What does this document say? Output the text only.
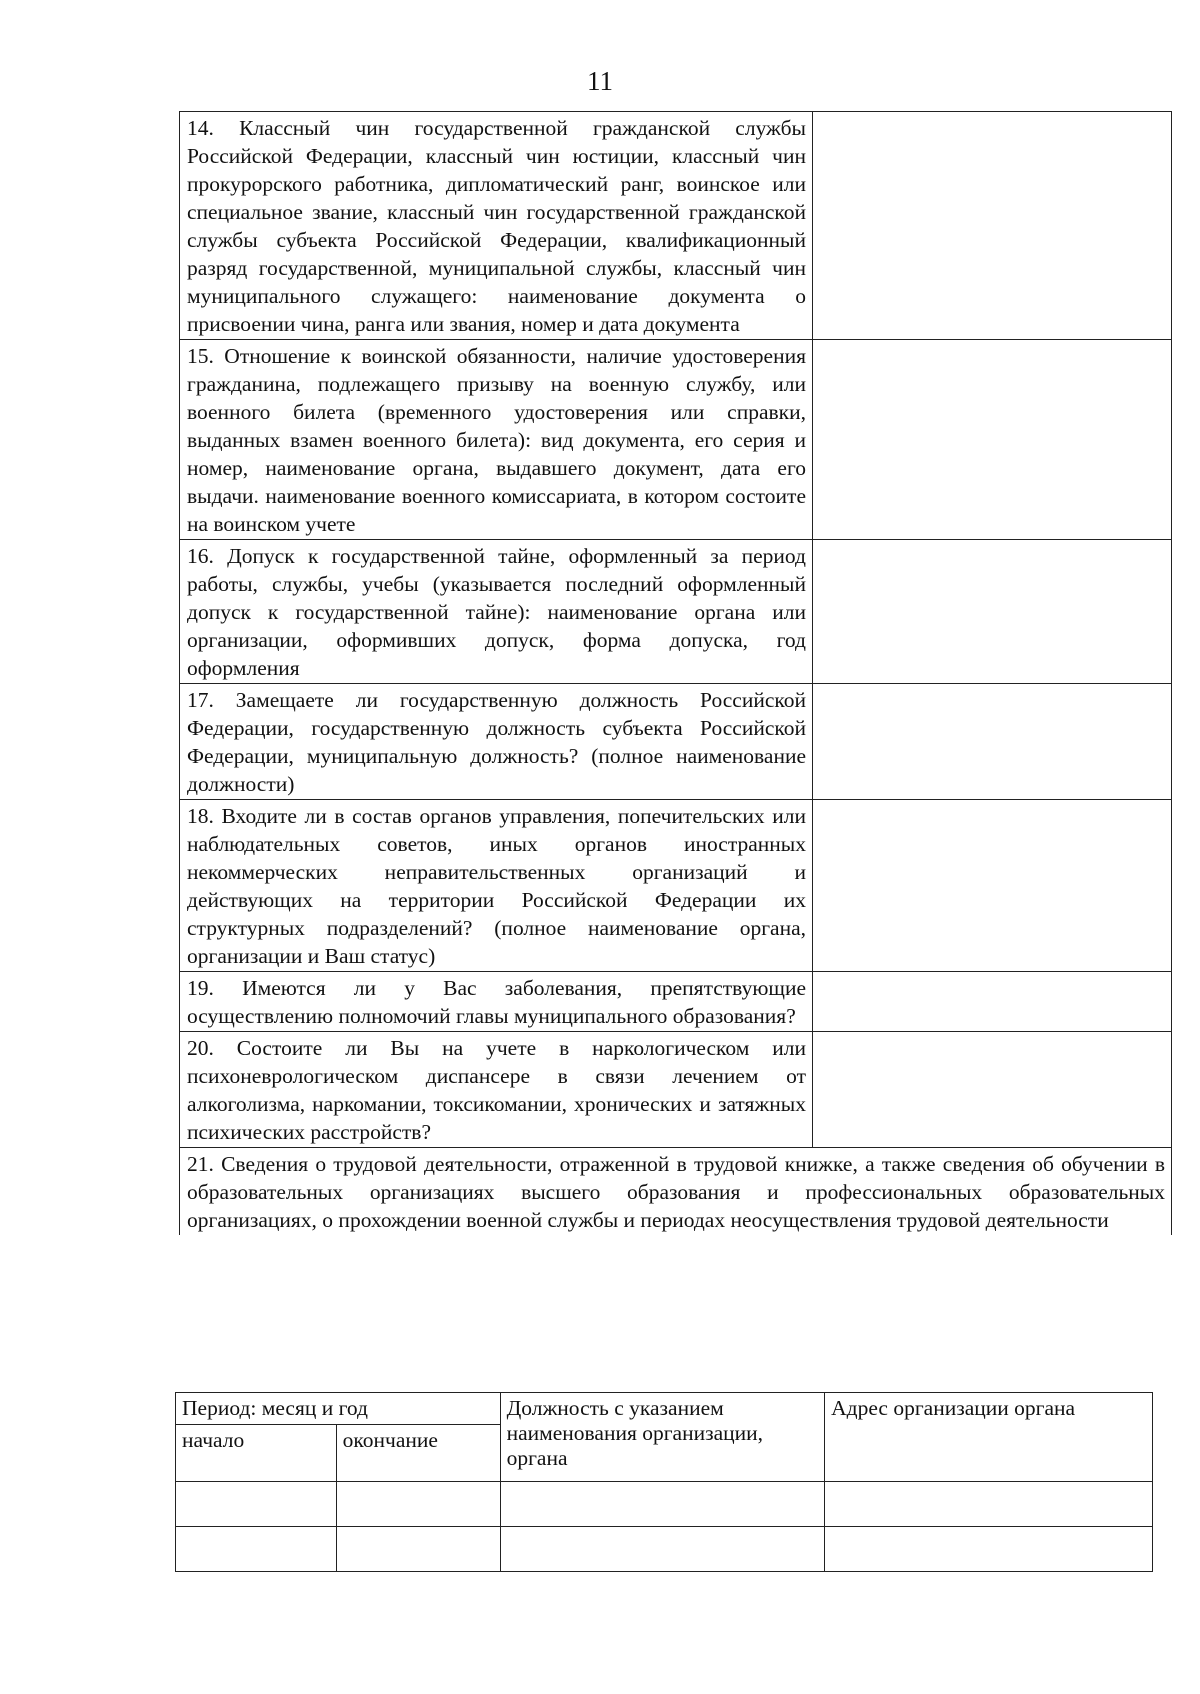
11
14. Классный чин государственной гражданской службы Российской Федерации, классный чин юстиции, классный чин прокурорского работника, дипломатический ранг, воинское или специальное звание, классный чин государственной гражданской службы субъекта Российской Федерации, квалификационный разряд государственной, муниципальной службы, классный чин муниципального служащего: наименование документа о присвоении чина, ранга или звания, номер и дата документа	
15. Отношение к воинской обязанности, наличие удостоверения гражданина, подлежащего призыву на военную службу, или военного билета (временного удостоверения или справки, выданных взамен военного билета): вид документа, его серия и номер, наименование органа, выдавшего документ, дата его выдачи. наименование военного комиссариата, в котором состоите на воинском учете	
16. Допуск к государственной тайне, оформленный за период работы, службы, учебы (указывается последний оформленный допуск к государственной тайне): наименование органа или организации, оформивших допуск, форма допуска, год оформления	
17. Замещаете ли государственную должность Российской Федерации, государственную должность субъекта Российской Федерации, муниципальную должность? (полное наименование должности)	
18. Входите ли в состав органов управления, попечительских или наблюдательных советов, иных органов иностранных некоммерческих неправительственных организаций и действующих на территории Российской Федерации их структурных подразделений? (полное наименование органа, организации и Ваш статус)	
19. Имеются ли у Вас заболевания, препятствующие осуществлению полномочий главы муниципального образования?	
20. Состоите ли Вы на учете в наркологическом или психоневрологическом диспансере в связи лечением от алкоголизма, наркомании, токсикомании, хронических и затяжных психических расстройств?	
21. Сведения о трудовой деятельности, отраженной в трудовой книжке, а также сведения об обучении в образовательных организациях высшего образования и профессиональных образовательных организациях, о прохождении военной службы и периодах неосуществления трудовой деятельности	
Период: месяц и год		Должность с указанием наименования организации, органа	Адрес организации органа
начало	окончание		
